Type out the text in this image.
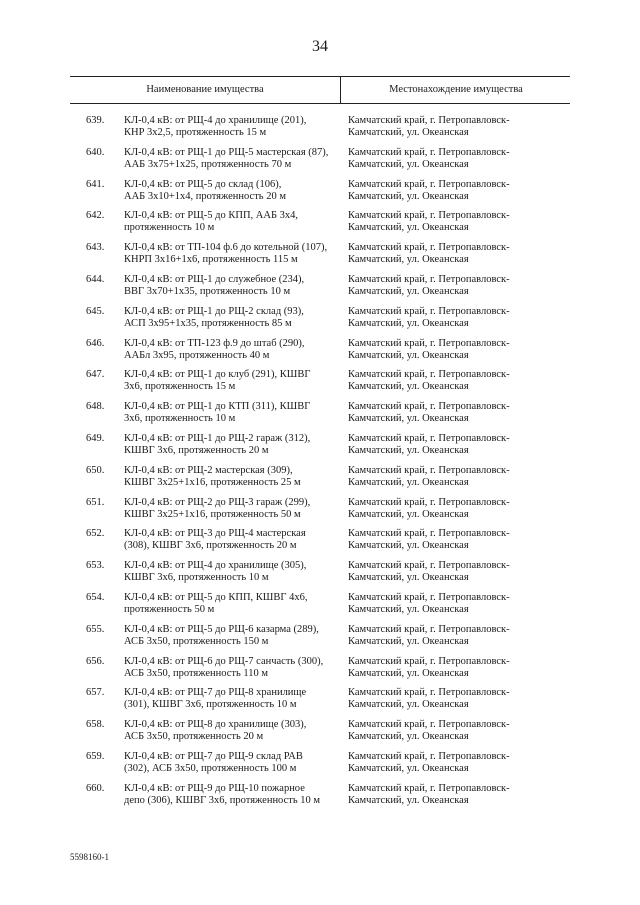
34
Наименование имущества	Местонахождение имущества
639. КЛ-0,4 кВ: от РЩ-4 до хранилище (201),
КНР 3х2,5, протяженность 15 м
Камчатский край, г. Петропавловск-
Камчатский, ул. Океанская
640. КЛ-0,4 кВ: от РЩ-1 до РЩ-5 мастерская (87),
ААБ 3х75+1х25, протяженность 70 м
Камчатский край, г. Петропавловск-
Камчатский, ул. Океанская
641. КЛ-0,4 кВ: от РЩ-5 до склад (106),
ААБ 3х10+1х4, протяженность 20 м
Камчатский край, г. Петропавловск-
Камчатский, ул. Океанская
642. КЛ-0,4 кВ: от РЩ-5 до КПП, ААБ 3х4,
протяженность 10 м
Камчатский край, г. Петропавловск-
Камчатский, ул. Океанская
643. КЛ-0,4 кВ: от ТП-104 ф.6 до котельной (107),
КНРП 3х16+1х6, протяженность 115 м
Камчатский край, г. Петропавловск-
Камчатский, ул. Океанская
644. КЛ-0,4 кВ: от РЩ-1 до служебное (234),
ВВГ 3х70+1х35, протяженность 10 м
Камчатский край, г. Петропавловск-
Камчатский, ул. Океанская
645. КЛ-0,4 кВ: от РЩ-1 до РЩ-2 склад (93),
АСП 3х95+1х35, протяженность 85 м
Камчатский край, г. Петропавловск-
Камчатский, ул. Океанская
646. КЛ-0,4 кВ: от ТП-123 ф.9 до штаб (290),
ААБл 3х95, протяженность 40 м
Камчатский край, г. Петропавловск-
Камчатский, ул. Океанская
647. КЛ-0,4 кВ: от РЩ-1 до клуб (291), КШВГ
3х6, протяженность 15 м
Камчатский край, г. Петропавловск-
Камчатский, ул. Океанская
648. КЛ-0,4 кВ: от РЩ-1 до КТП (311), КШВГ
3х6, протяженность 10 м
Камчатский край, г. Петропавловск-
Камчатский, ул. Океанская
649. КЛ-0,4 кВ: от РЩ-1 до РЩ-2 гараж (312),
КШВГ 3х6, протяженность 20 м
Камчатский край, г. Петропавловск-
Камчатский, ул. Океанская
650. КЛ-0,4 кВ: от РЩ-2 мастерская (309),
КШВГ 3х25+1х16, протяженность 25 м
Камчатский край, г. Петропавловск-
Камчатский, ул. Океанская
651. КЛ-0,4 кВ: от РЩ-2 до РЩ-3 гараж (299),
КШВГ 3х25+1х16, протяженность 50 м
Камчатский край, г. Петропавловск-
Камчатский, ул. Океанская
652. КЛ-0,4 кВ: от РЩ-3 до РЩ-4 мастерская
(308), КШВГ 3х6, протяженность 20 м
Камчатский край, г. Петропавловск-
Камчатский, ул. Океанская
653. КЛ-0,4 кВ: от РЩ-4 до хранилище (305),
КШВГ 3х6, протяженность 10 м
Камчатский край, г. Петропавловск-
Камчатский, ул. Океанская
654. КЛ-0,4 кВ: от РЩ-5 до КПП, КШВГ 4х6,
протяженность 50 м
Камчатский край, г. Петропавловск-
Камчатский, ул. Океанская
655. КЛ-0,4 кВ: от РЩ-5 до РЩ-6 казарма (289),
АСБ 3х50, протяженность 150 м
Камчатский край, г. Петропавловск-
Камчатский, ул. Океанская
656. КЛ-0,4 кВ: от РЩ-6 до РЩ-7 санчасть (300),
АСБ 3х50, протяженность 110 м
Камчатский край, г. Петропавловск-
Камчатский, ул. Океанская
657. КЛ-0,4 кВ: от РЩ-7 до РЩ-8 хранилище
(301), КШВГ 3х6, протяженность 10 м
Камчатский край, г. Петропавловск-
Камчатский, ул. Океанская
658. КЛ-0,4 кВ: от РЩ-8 до хранилище (303),
АСБ 3х50, протяженность 20 м
Камчатский край, г. Петропавловск-
Камчатский, ул. Океанская
659. КЛ-0,4 кВ: от РЩ-7 до РЩ-9 склад РАВ
(302), АСБ 3х50, протяженность 100 м
Камчатский край, г. Петропавловск-
Камчатский, ул. Океанская
660. КЛ-0,4 кВ: от РЩ-9 до РЩ-10 пожарное
депо (306), КШВГ 3х6, протяженность 10 м
Камчатский край, г. Петропавловск-
Камчатский, ул. Океанская
5598160-1
